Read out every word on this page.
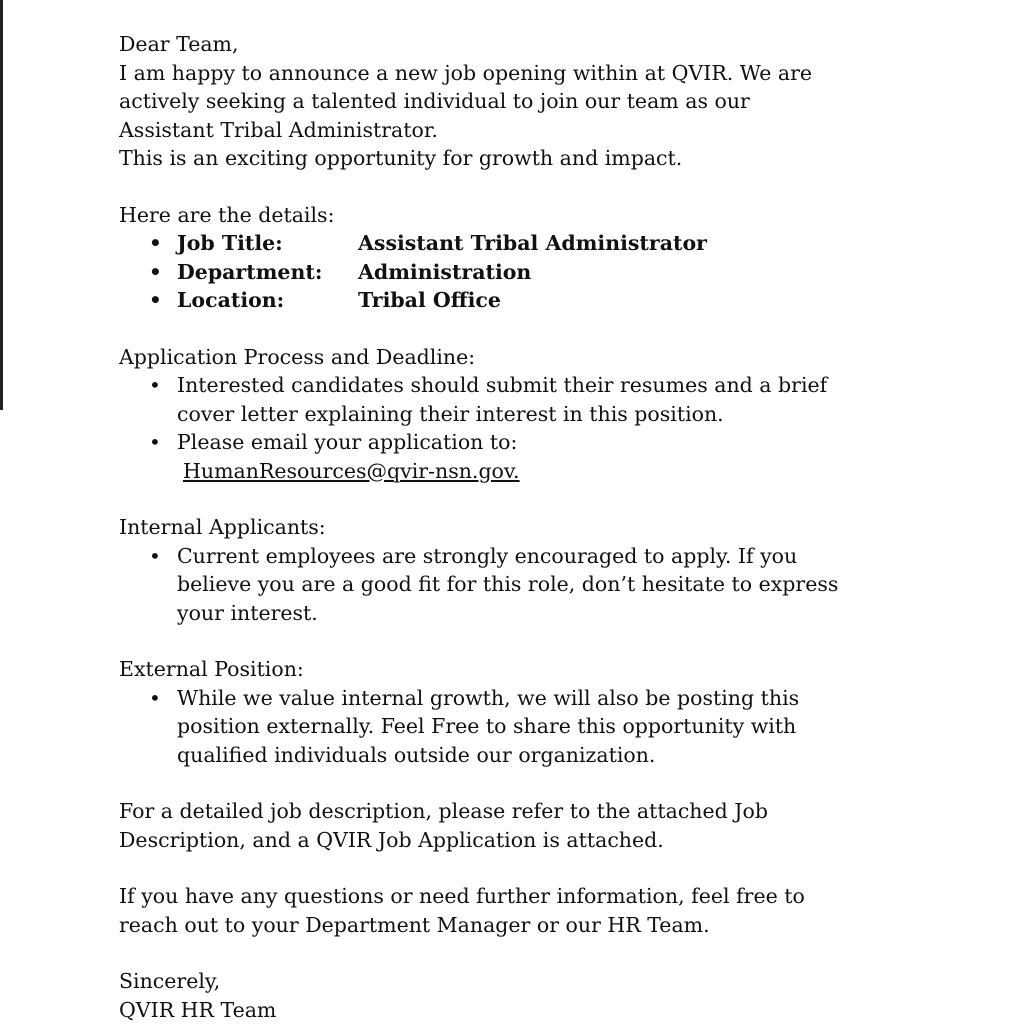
Dear Team,

I am happy to announce a new job opening within at QVIR. We are

actively seeking a talented individual to join our team as our

Assistant Tribal Administrator.

This is an exciting opportunity for growth and impact.

Here are the details:

• Job Title:	Assistant Tribal Administrator
• Department:	Administration
• Location:	Tribal Office

Application Process and Deadline:

• Interested candidates should submit their resumes and a brief

cover letter explaining their interest in this position.

• Please email your application to:

HumanResources@qvir-nsn.gov.

Internal Applicants:

• Current employees are strongly encouraged to apply. If you

believe you are a good fit for this role, don’t hesitate to express

your interest.

External Position:

• While we value internal growth, we will also be posting this

position externally. Feel Free to share this opportunity with

qualified individuals outside our organization.

For a detailed job description, please refer to the attached Job

Description, and a QVIR Job Application is attached.

If you have any questions or need further information, feel free to

reach out to your Department Manager or our HR Team.

Sincerely,

QVIR HR Team
